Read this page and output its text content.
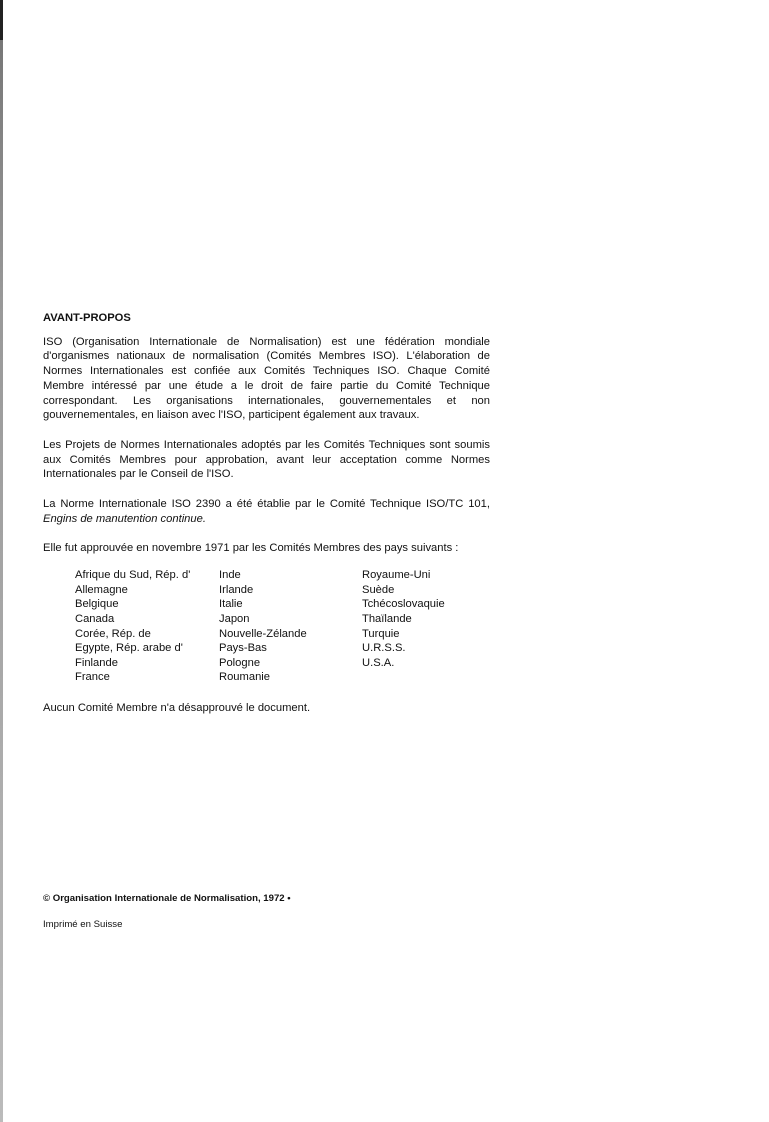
AVANT-PROPOS

ISO (Organisation Internationale de Normalisation) est une fédération mondiale d'organismes nationaux de normalisation (Comités Membres ISO). L'élaboration de Normes Internationales est confiée aux Comités Techniques ISO. Chaque Comité Membre intéressé par une étude a le droit de faire partie du Comité Technique correspondant. Les organisations internationales, gouvernementales et non gouvernementales, en liaison avec l'ISO, participent également aux travaux.

Les Projets de Normes Internationales adoptés par les Comités Techniques sont soumis aux Comités Membres pour approbation, avant leur acceptation comme Normes Internationales par le Conseil de l'ISO.

La Norme Internationale ISO 2390 a été établie par le Comité Technique ISO/TC 101, Engins de manutention continue.

Elle fut approuvée en novembre 1971 par les Comités Membres des pays suivants :

Afrique du Sud, Rép. d'
Allemagne
Belgique
Canada
Corée, Rép. de
Egypte, Rép. arabe d'
Finlande
France
Inde
Irlande
Italie
Japon
Nouvelle-Zélande
Pays-Bas
Pologne
Roumanie
Royaume-Uni
Suède
Tchécoslovaquie
Thaïlande
Turquie
U.R.S.S.
U.S.A.

Aucun Comité Membre n'a désapprouvé le document.

© Organisation Internationale de Normalisation, 1972 •
Imprimé en Suisse
